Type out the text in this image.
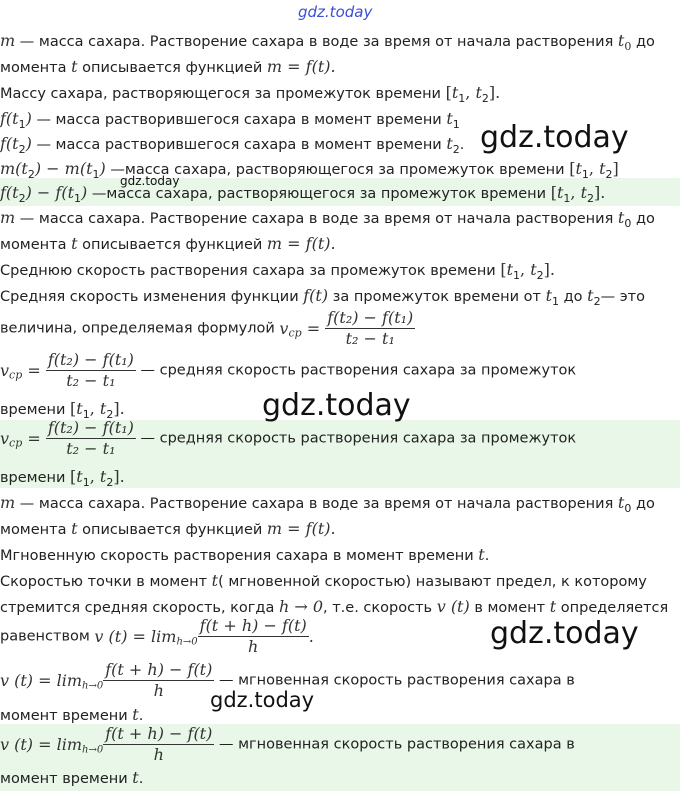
gdz.today
m — масса сахара. Растворение сахара в воде за время от начала растворения $t_0$ до
момента t описывается функцией m = f(t).
Массу сахара, растворяющегося за промежуток времени [$t_1$, $t_2$].
$f(t_1)$ — масса растворившегося сахара в момент времени $t_1$
$f(t_2)$ — масса растворившегося сахара в момент времени $t_2$.
$m(t_2) - m(t_1)$ —масса сахара, растворяющегося за промежуток времени [$t_1$, $t_2$]
$f(t_2) - f(t_1)$ —масса сахара, растворяющегося за промежуток времени [$t_1$, $t_2$].
gdz.today
gdz.today
m — масса сахара. Растворение сахара в воде за время от начала растворения $t_0$ до
момента t описывается функцией m = f(t).
Среднюю скорость растворения сахара за промежуток времени [$t_1$, $t_2$].
Средняя скорость изменения функции f(t) за промежуток времени от $t_1$ до $t_2—$ это
величина, определяемая формулой $v_{cp} = \frac{\text{f(t₂) − f(t₁)}}{\text{t₂ − t₁}}$
$v_{cp} = \frac{\text{f(t₂) − f(t₁)}}{\text{t₂ − t₁}}$ — средняя скорость растворения сахара за промежуток
времени [$t_1$, $t_2$].	gdz.today
$v_{cp} = \frac{\text{f(t₂) − f(t₁)}}{\text{t₂ − t₁}}$ — средняя скорость растворения сахара за промежуток
времени [$t_1$, $t_2$].
m — масса сахара. Растворение сахара в воде за время от начала растворения $t_0$ до
момента t описывается функцией m = f(t).
Мгновенную скорость растворения сахара в момент времени t.
Скоростью точки в момент t( мгновенной скоростью) называют предел, к которому
стремится средняя скорость, когда h → 0, т.е. скорость v (t) в момент t определяется
равенством v $(t) = \lim_{h\to 0} \frac{f(t + h) - f(t)}{h}$ .	gdz.today
v $(t) = \lim_{h\to 0} \frac{f(t + h) - f(t)}{h}$ — мгновенная скорость растворения сахара в
момент времени t.
gdz.today
v $(t) = \lim_{h\to 0} \frac{f(t + h) - f(t)}{h}$ — мгновенная скорость растворения сахара в
момент времени t.
